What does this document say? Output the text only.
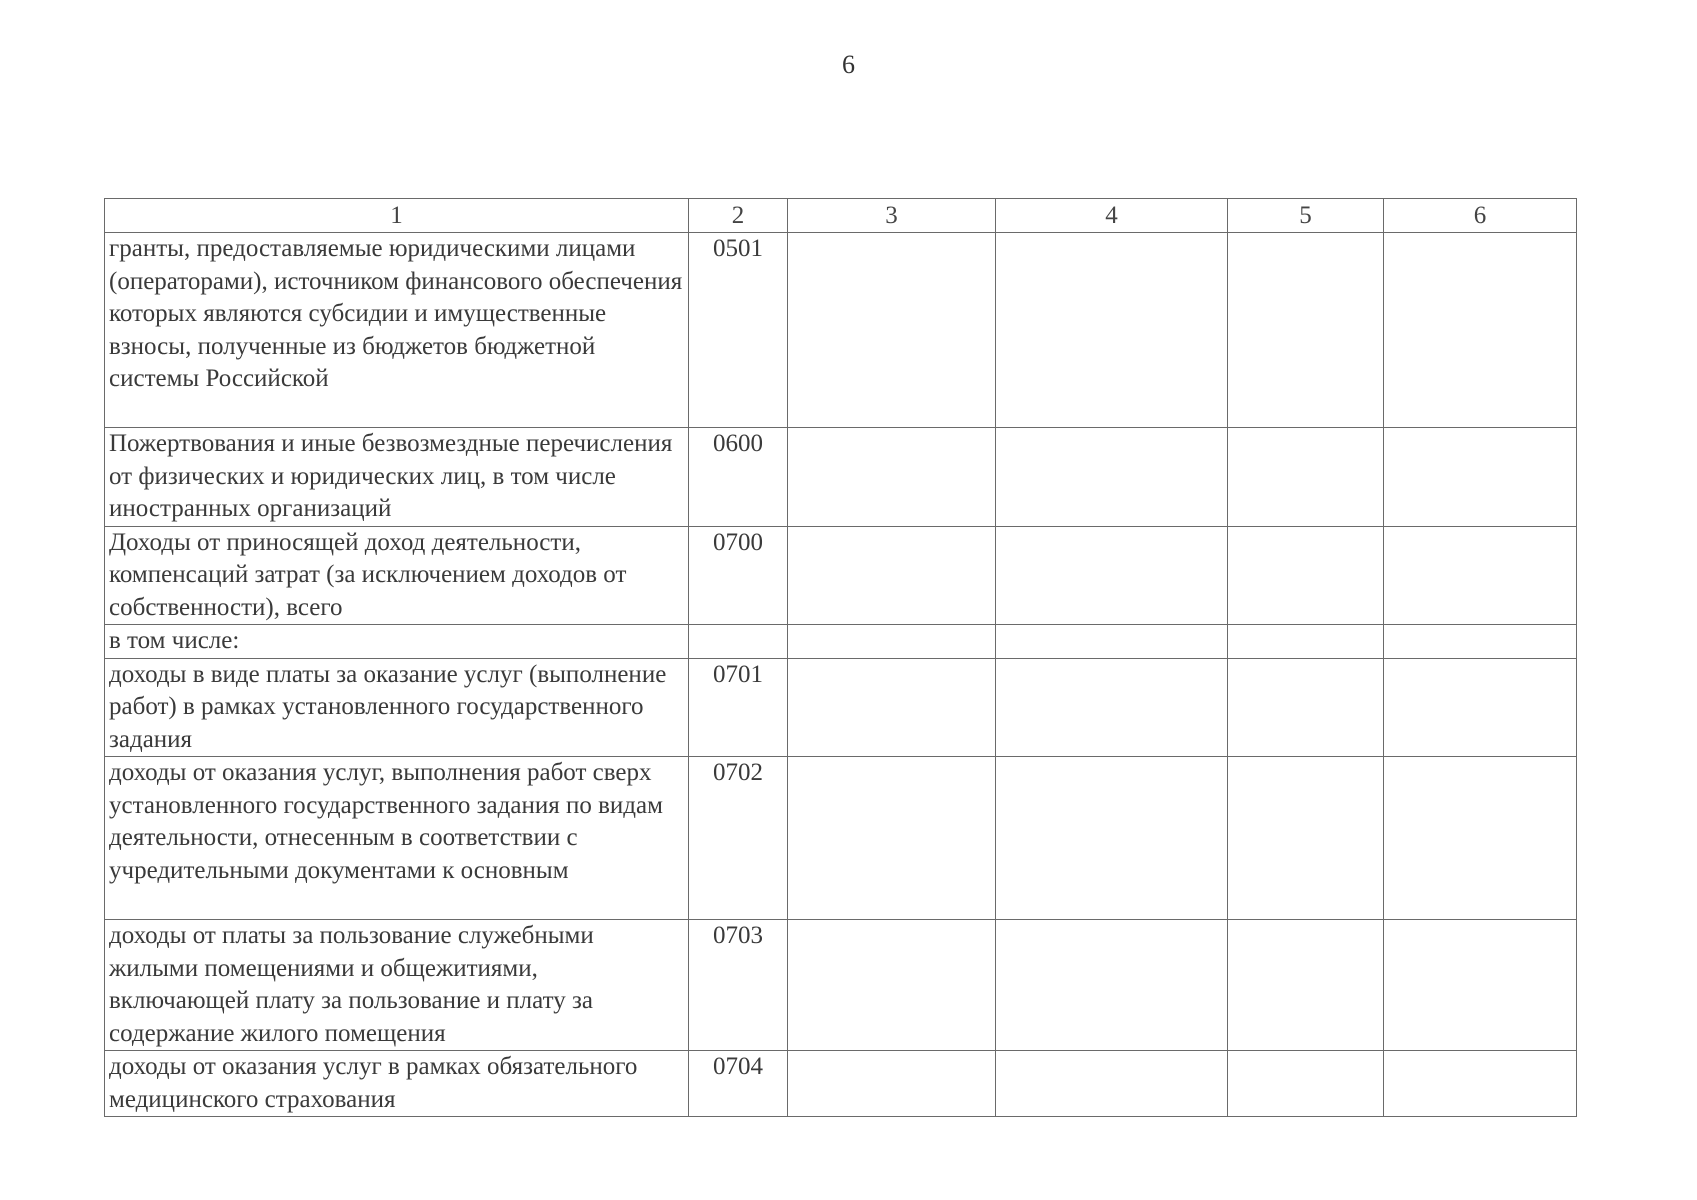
6
1	2	3	4	5	6
гранты, предоставляемые юридическими лицами (операторами), источником финансового обеспечения которых являются субсидии и имущественные взносы, полученные из бюджетов бюджетной системы Российской	0501				
Пожертвования и иные безвозмездные перечисления от физических и юридических лиц, в том числе иностранных организаций	0600				
Доходы от приносящей доход деятельности, компенсаций затрат (за исключением доходов от собственности), всего	0700				
в том числе:					
доходы в виде платы за оказание услуг (выполнение работ) в рамках установленного государственного задания	0701				
доходы от оказания услуг, выполнения работ сверх установленного государственного задания по видам деятельности, отнесенным в соответствии с учредительными документами к основным	0702				
доходы от платы за пользование служебными жилыми помещениями и общежитиями, включающей плату за пользование и плату за содержание жилого помещения	0703				
доходы от оказания услуг в рамках обязательного медицинского страхования	0704				
